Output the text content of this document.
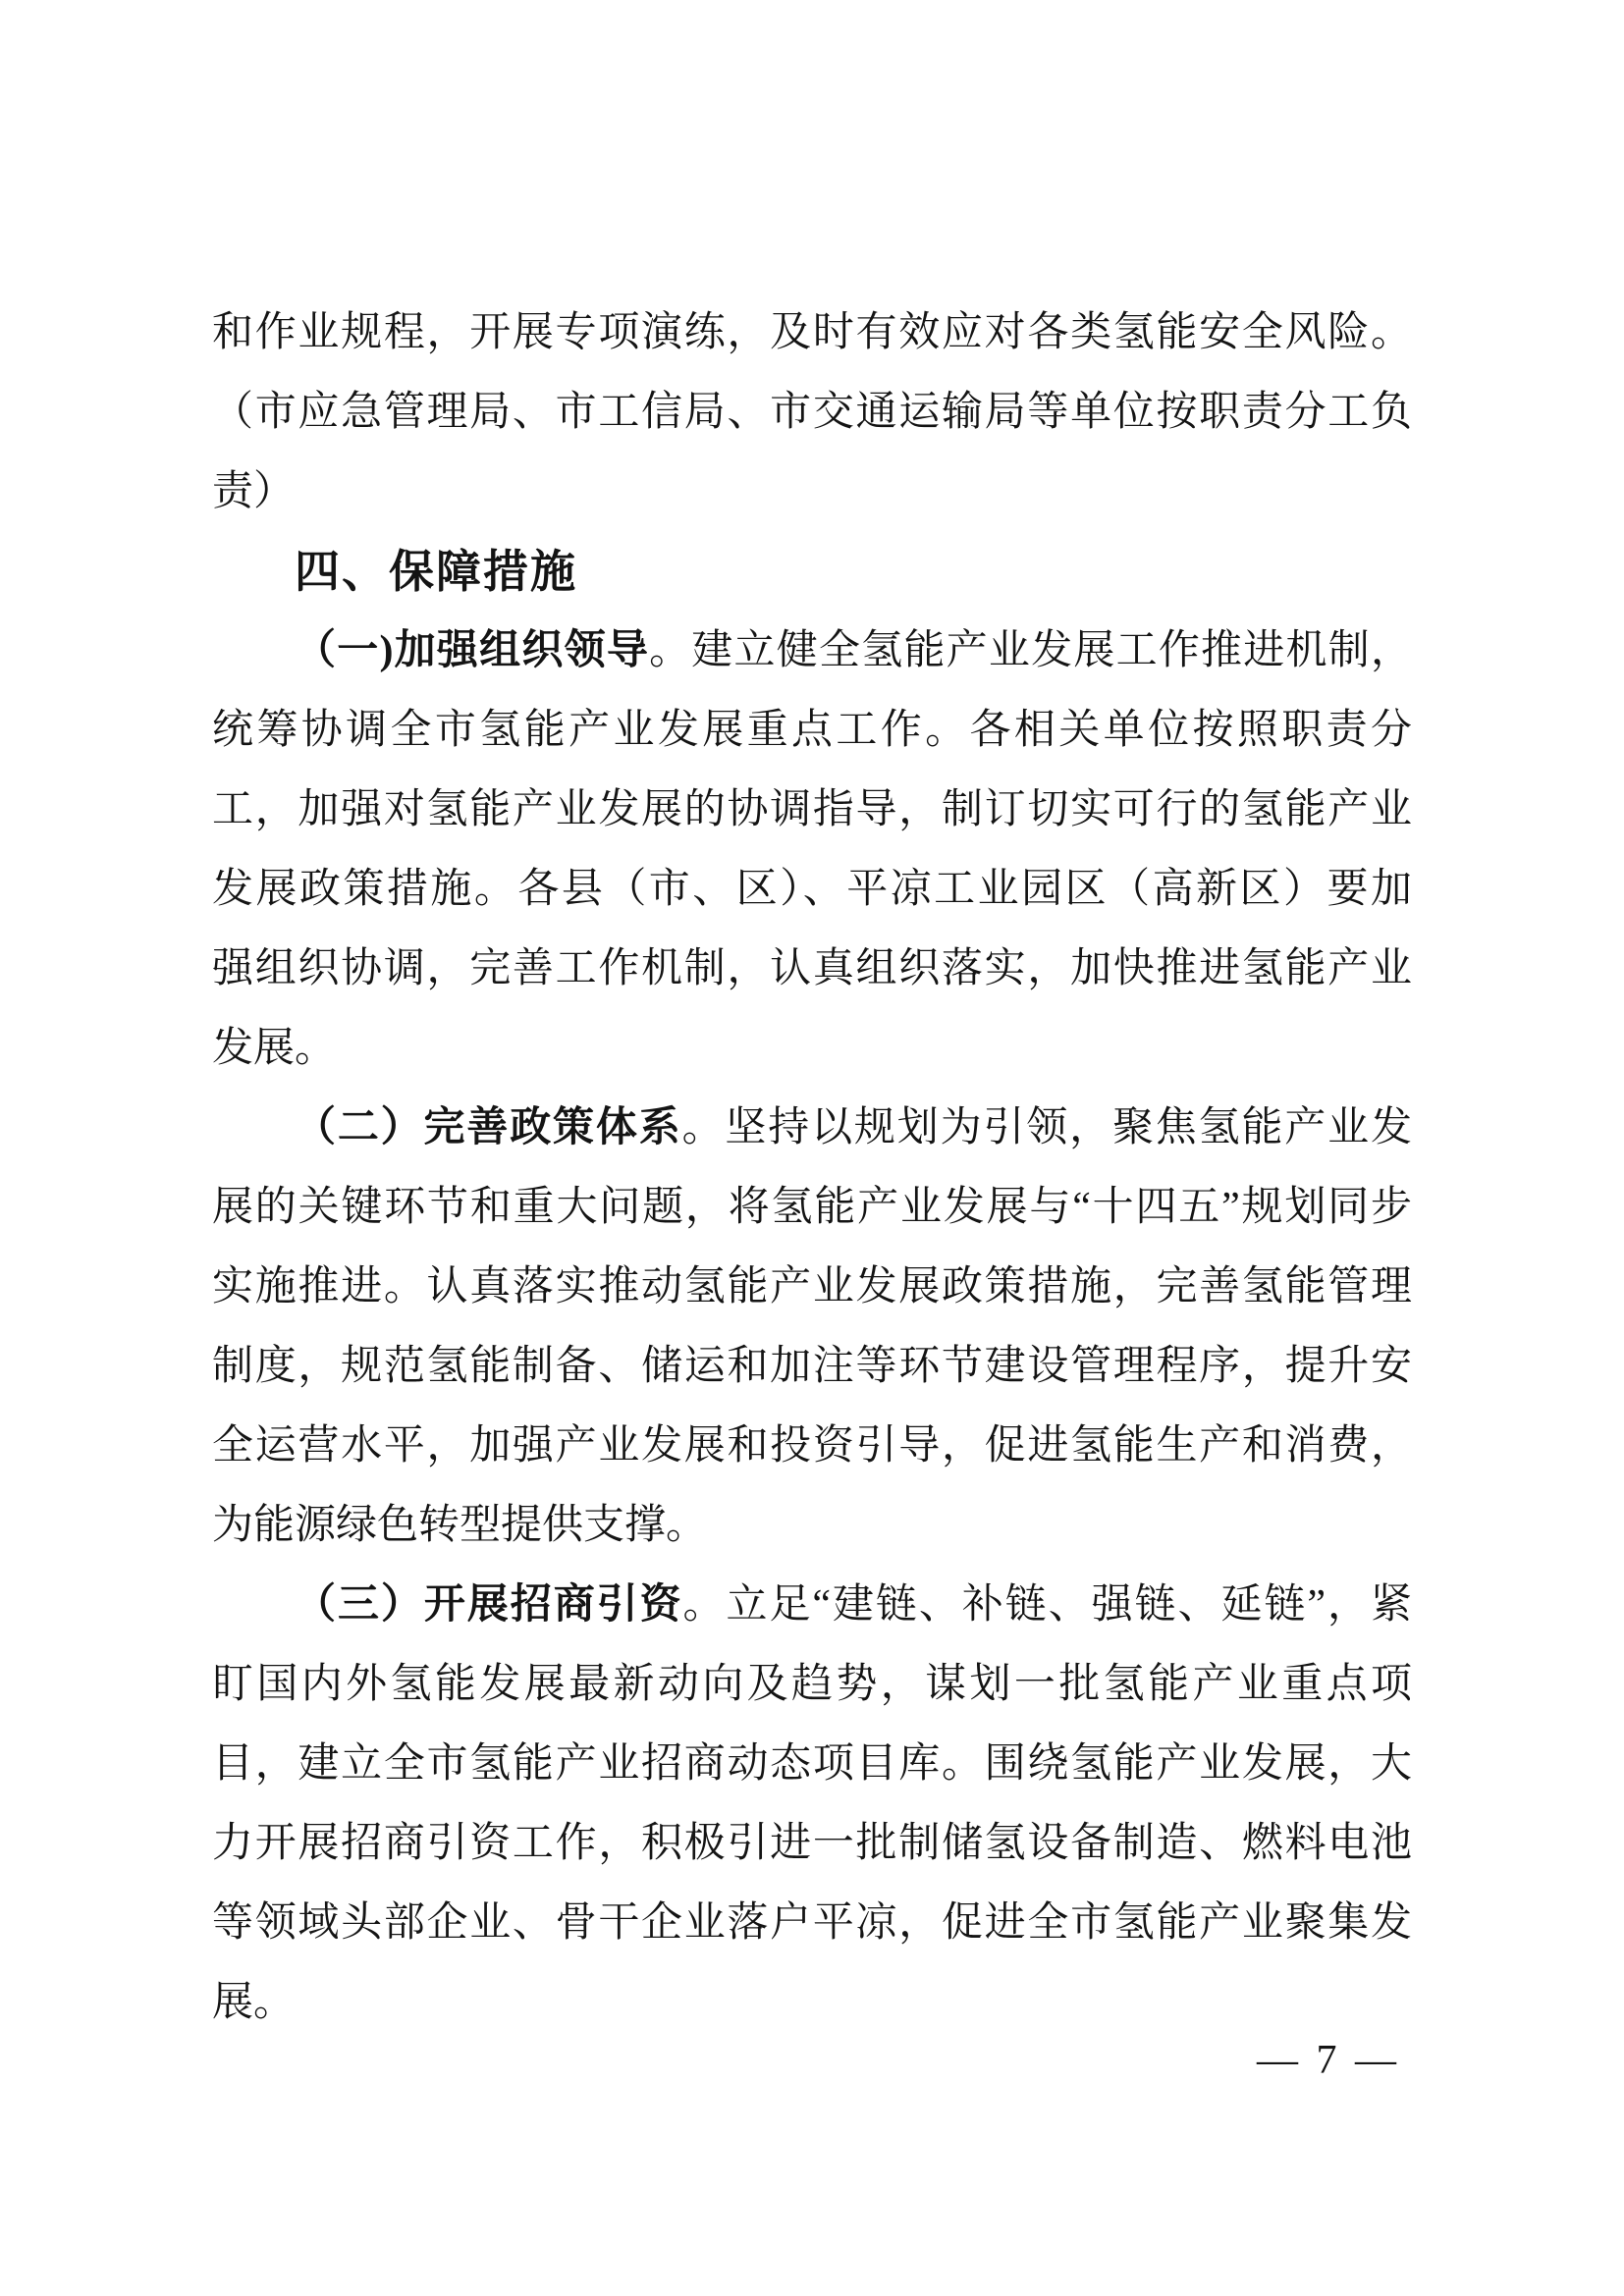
和作业规程，开展专项演练，及时有效应对各类氢能安全风险。
（市应急管理局、市工信局、市交通运输局等单位按职责分工负
责）
四、保障措施
（一)加强组织领导。建立健全氢能产业发展工作推进机制，
统筹协调全市氢能产业发展重点工作。各相关单位按照职责分
工，加强对氢能产业发展的协调指导，制订切实可行的氢能产业
发展政策措施。各县（市、区）、平凉工业园区（高新区）要加
强组织协调，完善工作机制，认真组织落实，加快推进氢能产业
发展。
（二）完善政策体系。坚持以规划为引领，聚焦氢能产业发
展的关键环节和重大问题，将氢能产业发展与“十四五”规划同步
实施推进。认真落实推动氢能产业发展政策措施，完善氢能管理
制度，规范氢能制备、储运和加注等环节建设管理程序，提升安
全运营水平，加强产业发展和投资引导，促进氢能生产和消费，
为能源绿色转型提供支撑。
（三）开展招商引资。立足“建链、补链、强链、延链”，紧
盯国内外氢能发展最新动向及趋势，谋划一批氢能产业重点项
目，建立全市氢能产业招商动态项目库。围绕氢能产业发展，大
力开展招商引资工作，积极引进一批制储氢设备制造、燃料电池
等领域头部企业、骨干企业落户平凉，促进全市氢能产业聚集发
展。
— 7 —
